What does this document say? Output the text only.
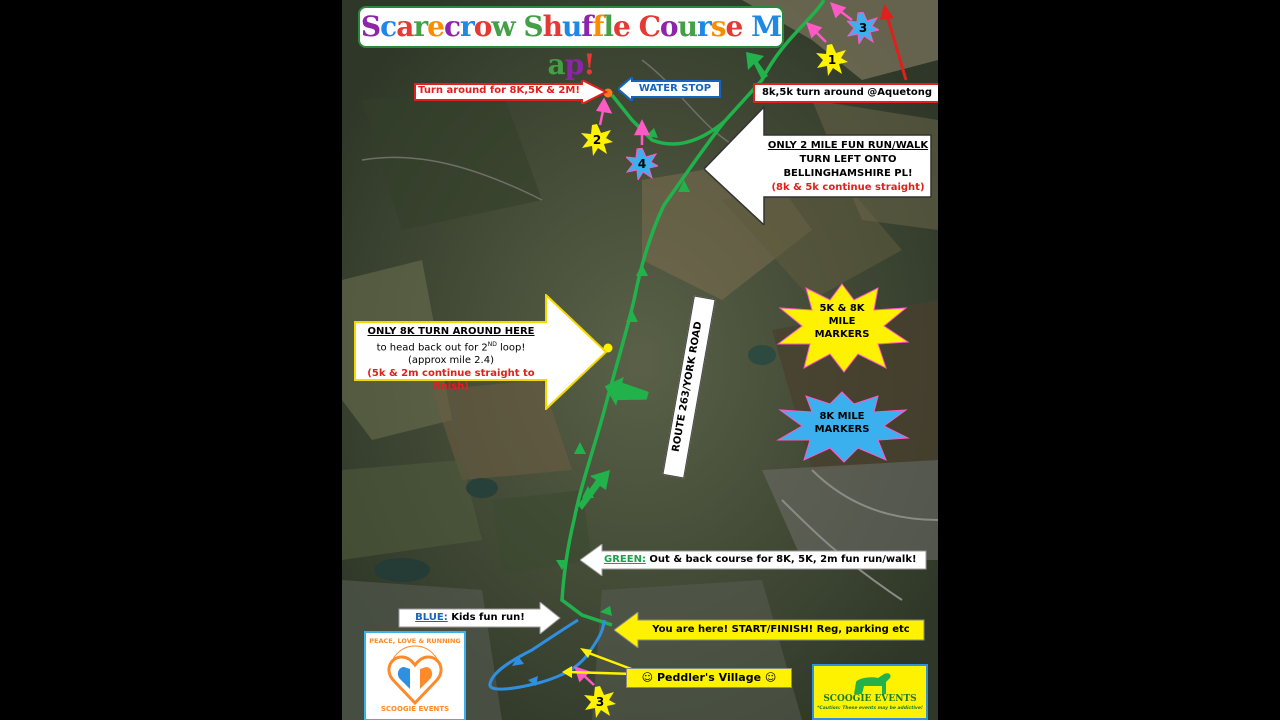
Scarecrow Shuffle Course Map!
Turn around for 8K,5K & 2M!	WATER STOP	8k,5k turn around @Aquetong
ONLY 2 MILE FUN RUN/WALK
TURN LEFT ONTO
BELLINGHAMSHIRE PL!
(8k & 5k continue straight)
ONLY 8K TURN AROUND HERE
to head back out for 2ND loop!
(approx mile 2.4)
(5k & 2m continue straight to finish)	ROUTE 263/YORK ROAD
5K & 8K
MILE
MARKERS
8K MILE
MARKERS
1
3
2
4
3
GREEN: Out & back course for 8K, 5K, 2m fun run/walk!
BLUE: Kids fun run!
You are here! START/FINISH! Reg, parking etc
☺ Peddler's Village ☺
PEACE, LOVE & RUNNING
SCOOGIE EVENTS
SCOOGIE EVENTS
*Caution: These events may be addictive!
